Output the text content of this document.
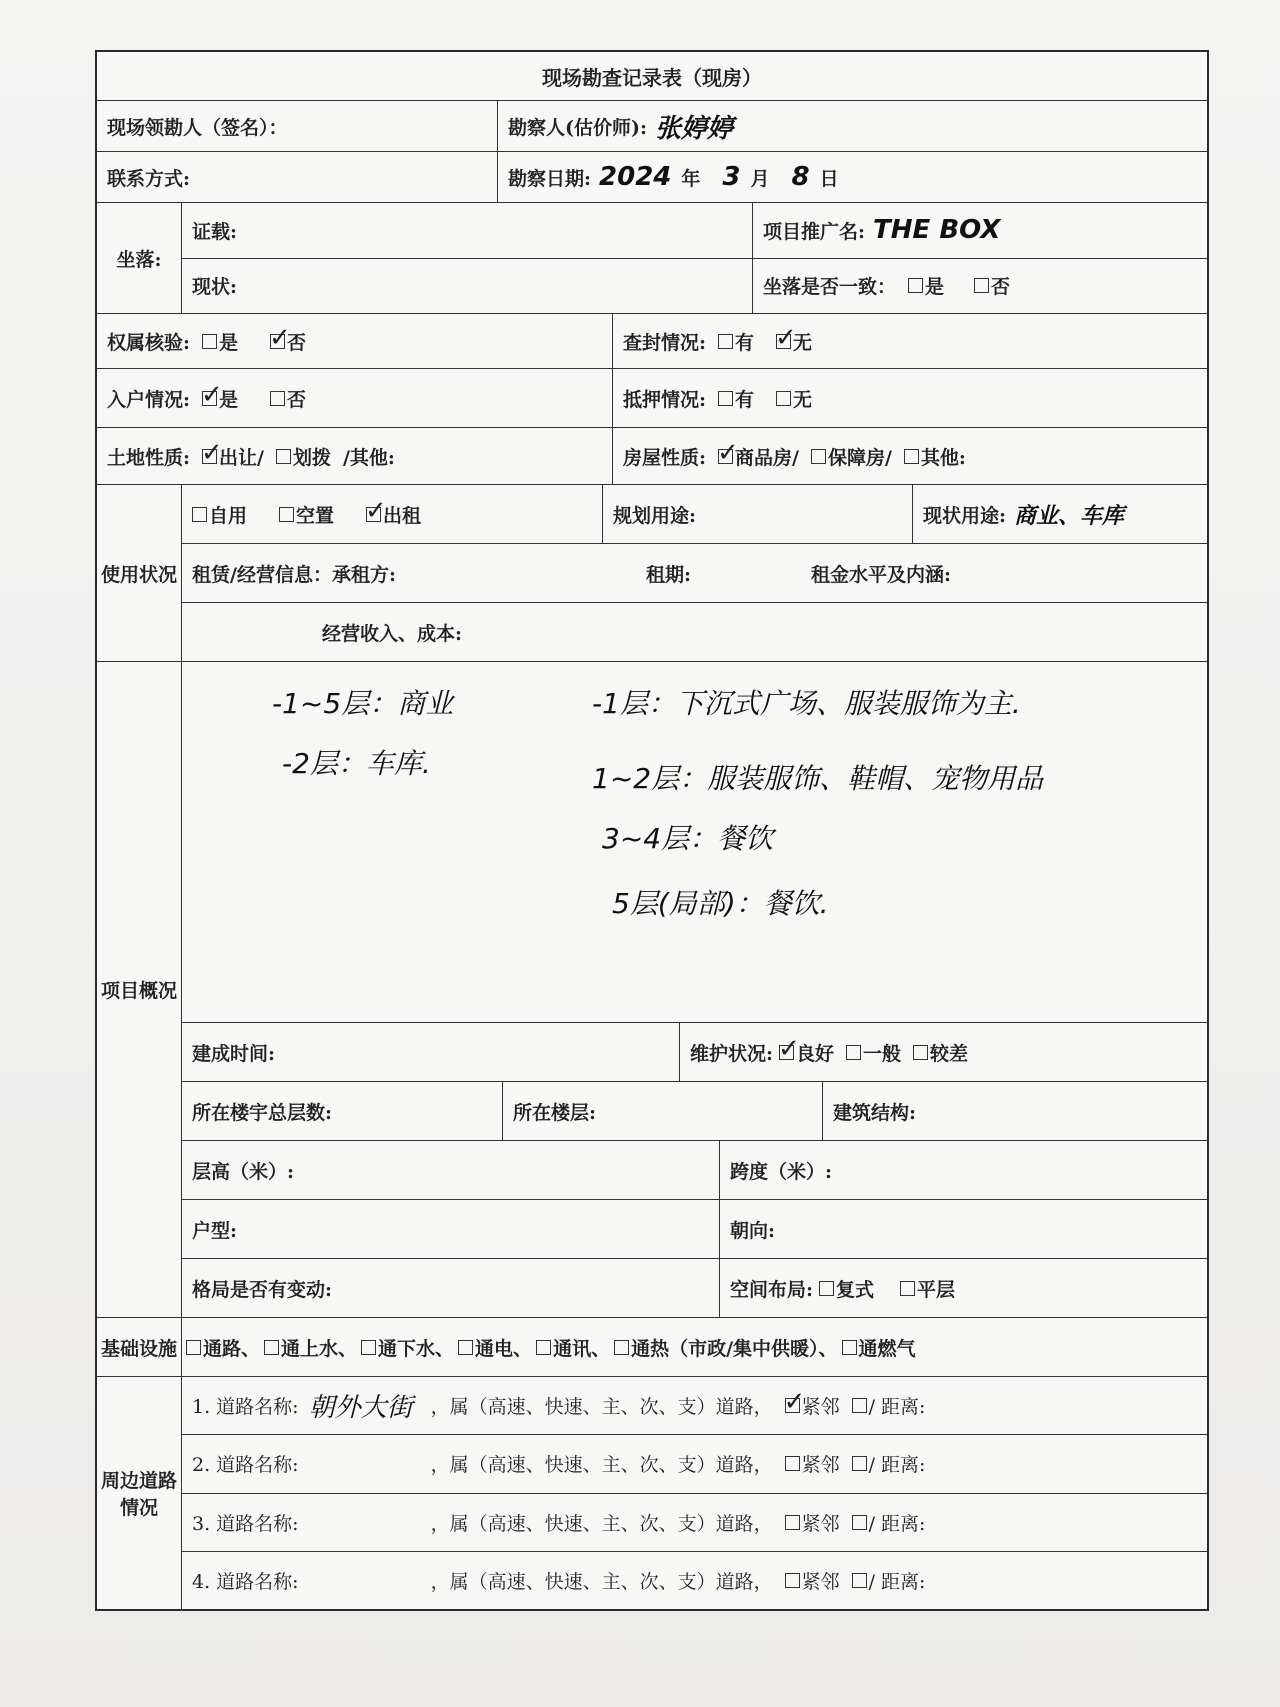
现场勘查记录表（现房）
现场领勘人（签名）：	勘察人(估价师): 张婷婷
联系方式:	勘察日期: 2024 年 3 月 8 日
坐落:
证载:	项目推广名: THE BOX
现状:	坐落是否一致： 是 否
权属核验: 是 ✓	否	查封情况: 有 ✓ 无
入户情况: ✓ 是	否	抵押情况: 有 无
土地性质: ✓ 出让/ 划拨 /其他:	房屋性质: ✓ 商品房/ 保障房/ 其他:
使用状况
自用	空置 ✓	出租	规划用途:	现状用途: 商业、车库
租赁/经营信息：承租方:	租期:	租金水平及内涵:
经营收入、成本:
项目概况
-1~5层：商业
-2层：车库.
-1层：下沉式广场、服装服饰为主.
1~2层：服装服饰、鞋帽、宠物用品
3~4层：餐饮
5层(局部)：餐饮.
建成时间:	维护状况: ✓ 良好 一般 较差
所在楼宇总层数:	所在楼层:	建筑结构:
层高（米）:	跨度（米）:
户型:	朝向:
格局是否有变动:	空间布局: 复式 平层
基础设施 通路、 通上水、 通下水、 通电、 通讯、 通热（市政/集中供暖）、 通燃气
周边道路情况
1. 道路名称: 朝外大街 ，属（高速、快速、主、次、支）道路， ✓ 紧邻 / 距离:
2. 道路名称:	，属（高速、快速、主、次、支）道路， 紧邻 / 距离:
3. 道路名称:	，属（高速、快速、主、次、支）道路， 紧邻 / 距离:
4. 道路名称:	，属（高速、快速、主、次、支）道路， 紧邻 / 距离:
